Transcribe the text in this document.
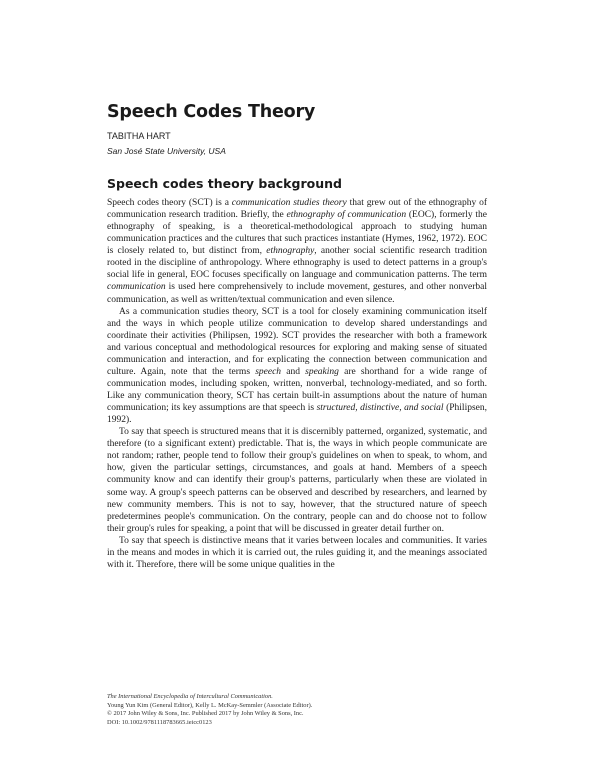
Speech Codes Theory
TABITHA HART
San José State University, USA
Speech codes theory background

Speech codes theory (SCT) is a communication studies theory that grew out of the ethnography of communication research tradition. Briefly, the ethnography of communication (EOC), formerly the ethnography of speaking, is a theoretical-methodological approach to studying human communication practices and the cultures that such practices instantiate (Hymes, 1962, 1972). EOC is closely related to, but distinct from, ethnography, another social scientific research tradition rooted in the discipline of anthropology. Where ethnography is used to detect patterns in a group's social life in general, EOC focuses specifically on language and communication patterns. The term communication is used here comprehensively to include movement, gestures, and other nonverbal communication, as well as written/textual communication and even silence.

As a communication studies theory, SCT is a tool for closely examining communication itself and the ways in which people utilize communication to develop shared understandings and coordinate their activities (Philipsen, 1992). SCT provides the researcher with both a framework and various conceptual and methodological resources for exploring and making sense of situated communication and interaction, and for explicating the connection between communication and culture. Again, note that the terms speech and speaking are shorthand for a wide range of communication modes, including spoken, written, nonverbal, technology-mediated, and so forth. Like any communication theory, SCT has certain built-in assumptions about the nature of human communication; its key assumptions are that speech is structured, distinctive, and social (Philipsen, 1992).

To say that speech is structured means that it is discernibly patterned, organized, systematic, and therefore (to a significant extent) predictable. That is, the ways in which people communicate are not random; rather, people tend to follow their group's guidelines on when to speak, to whom, and how, given the particular settings, circumstances, and goals at hand. Members of a speech community know and can identify their group's patterns, particularly when these are violated in some way. A group's speech patterns can be observed and described by researchers, and learned by new community members. This is not to say, however, that the structured nature of speech predetermines people's communication. On the contrary, people can and do choose not to follow their group's rules for speaking, a point that will be discussed in greater detail further on.

To say that speech is distinctive means that it varies between locales and communities. It varies in the means and modes in which it is carried out, the rules guiding it, and the meanings associated with it. Therefore, there will be some unique qualities in the

The International Encyclopedia of Intercultural Communication.
Young Yun Kim (General Editor), Kelly L. McKay-Semmler (Associate Editor).
© 2017 John Wiley & Sons, Inc. Published 2017 by John Wiley & Sons, Inc.
DOI: 10.1002/9781118783665.ieicc0123
